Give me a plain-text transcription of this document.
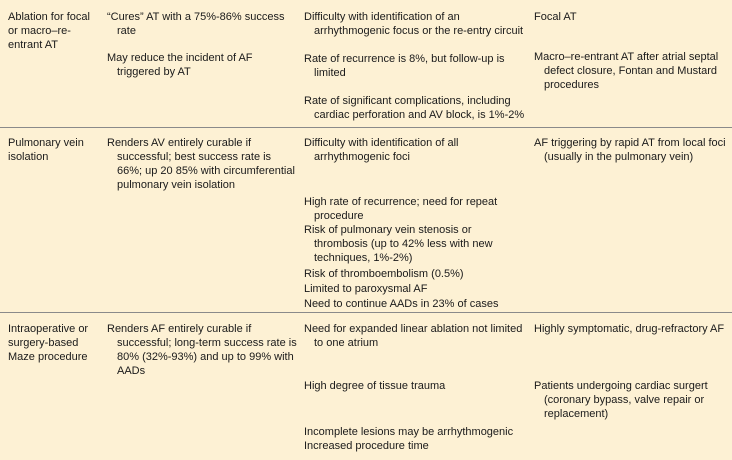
Ablation for focal or macro–re-entrant AT

“Cures” AT with a 75%-86% success rate

May reduce the incident of AF triggered by AT

Difficulty with identification of an arrhythmogenic focus or the re-entry circuit

Rate of recurrence is 8%, but follow-up is limited

Rate of significant complications, including cardiac perforation and AV block, is 1%-2%

Focal AT

Macro–re-entrant AT after atrial septal defect closure, Fontan and Mustard procedures

Pulmonary vein isolation

Renders AV entirely curable if successful; best success rate is 66%; up 20 85% with circumferential pulmonary vein isolation

Difficulty with identification of all arrhythmogenic foci

High rate of recurrence; need for repeat procedure

Risk of pulmonary vein stenosis or thrombosis (up to 42% less with new techniques, 1%-2%)

Risk of thromboembolism (0.5%)

Limited to paroxysmal AF

Need to continue AADs in 23% of cases

AF triggering by rapid AT from local foci (usually in the pulmonary vein)

Intraoperative or surgery-based Maze procedure

Renders AF entirely curable if successful; long-term success rate is 80% (32%-93%) and up to 99% with AADs

Need for expanded linear ablation not limited to one atrium

High degree of tissue trauma

Incomplete lesions may be arrhythmogenic

Increased procedure time

Highly symptomatic, drug-refractory AF

Patients undergoing cardiac surgert (coronary bypass, valve repair or replacement)
